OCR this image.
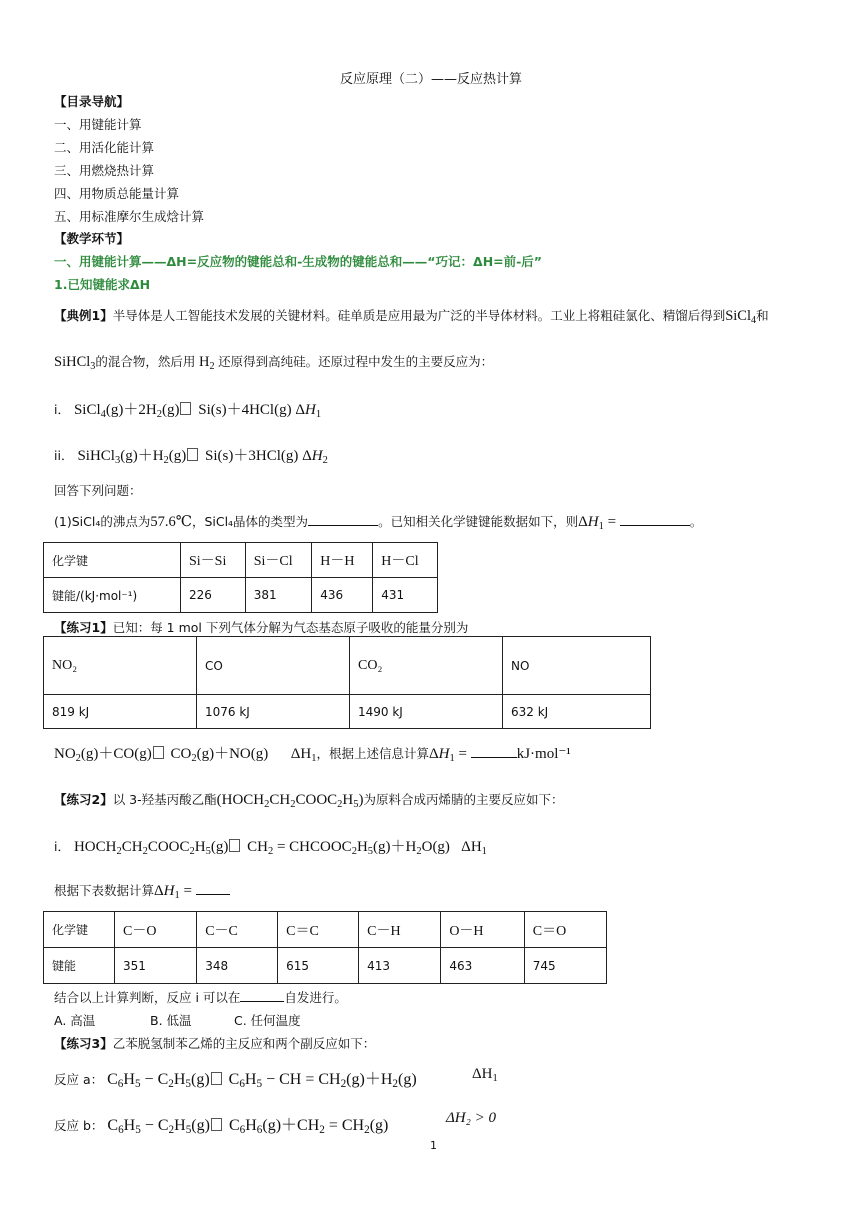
反应原理（二）——反应热计算
【目录导航】
一、用键能计算
二、用活化能计算
三、用燃烧热计算
四、用物质总能量计算
五、用标准摩尔生成焓计算
【教学环节】
一、用键能计算——ΔH=反应物的键能总和-生成物的键能总和——“巧记：ΔH=前-后”
1.已知键能求ΔH
【典例1】半导体是人工智能技术发展的关键材料。硅单质是应用最为广泛的半导体材料。工业上将粗硅氯化、精馏后得到SiCl$_4$和
SiHCl$_3$的混合物，然后用 $H_2$ 还原得到高纯硅。还原过程中发生的主要反应为：
i． $SiCl_4(g)+2H_2(g)$ Si(s)＋4HCl(g) $\Delta H_1$
ii． $SiHCl_3(g)+H_2(g)$ Si(s)＋3HCl(g) $\Delta H_2$
回答下列问题：
(1)SiCl₄的沸点为57.6℃，SiCl₄晶体的类型为	。已知相关化学键键能数据如下，则$\Delta H_1$ =	。
化学键	Si－Si	Si－Cl	H－H	H－Cl
键能/(kJ·mol⁻¹)	226	381	436	431
【练习1】已知：每 1 mol 下列气体分解为气态基态原子吸收的能量分别为
NO₂	CO	CO₂	NO
819 kJ	1076 kJ	1490 kJ	632 kJ
$NO_2(g)+CO(g)$ $CO_2(g)+NO(g)$      $\Delta H_1$，根据上述信息计算$\Delta H_1$ =	kJ·mol⁻¹
【练习2】以 3-羟基丙酸乙酯$(HOCH_2CH_2COOC_2H_5)$为原料合成丙烯腈的主要反应如下：
i． $HOCH_2CH_2COOC_2H_5(g) CH_2$ = $CHCOOC_2H_5(g)+H_2O(g)$   $\Delta H_1$
根据下表数据计算$\Delta H_1$ =
化学键	C－O	C－C	C＝C	C－H	O－H	C＝O
键能	351	348	615	413	463	745
结合以上计算判断，反应 i 可以在	自发进行。
A. 高温	B. 低温	C. 任何温度
【练习3】乙苯脱氢制苯乙烯的主反应和两个副反应如下：
反应 a： $C_6H_5 - C_2H_5(g) C_6H_5$ − CH = $CH_2(g)+H_2(g)$	$\Delta H_1$
反应 b： $C_6H_5 - C_2H_5(g) C_6H_6(g)+CH_2 = CH_2(g)$	ΔH₂ > 0
1
